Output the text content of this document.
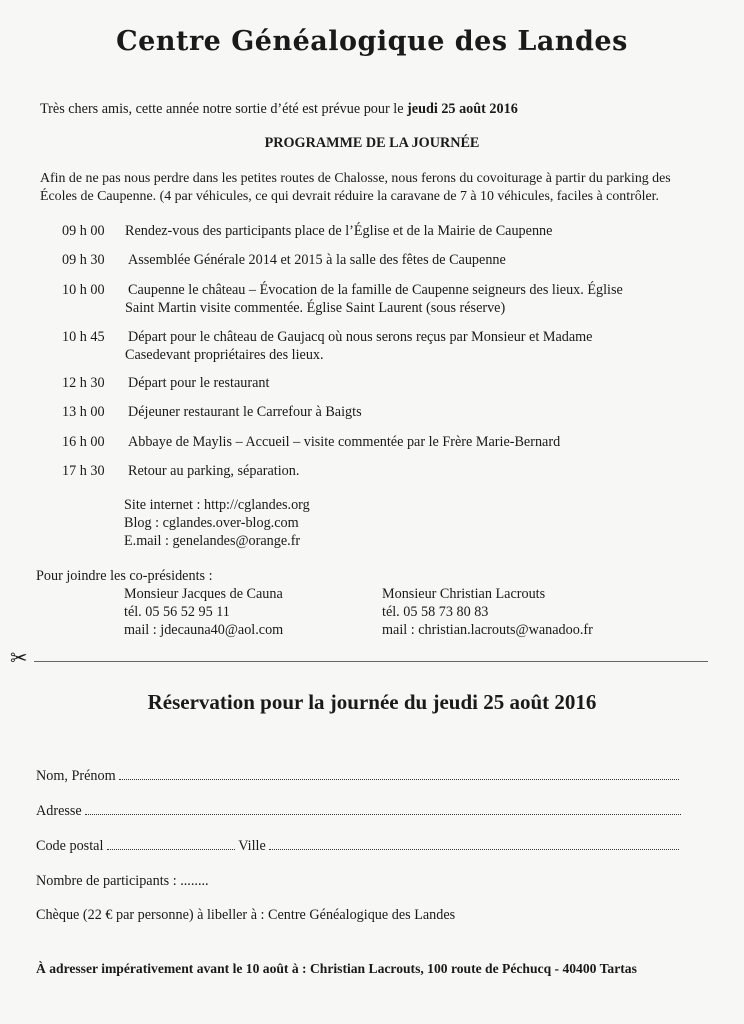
Centre Généalogique des Landes
Très chers amis, cette année notre sortie d’été est prévue pour le jeudi 25 août 2016
PROGRAMME DE LA JOURNÉE
Afin de ne pas nous perdre dans les petites routes de Chalosse, nous ferons du covoiturage à partir du parking des
Écoles de Caupenne. (4 par véhicules, ce qui devrait réduire la caravane de 7 à 10 véhicules, faciles à contrôler.
09 h 00 Rendez-vous des participants place de l’Église et de la Mairie de Caupenne
09 h 30 Assemblée Générale 2014 et 2015 à la salle des fêtes de Caupenne
10 h 00 Caupenne le château – Évocation de la famille de Caupenne seigneurs des lieux. Église
Saint Martin visite commentée. Église Saint Laurent (sous réserve)
10 h 45 Départ pour le château de Gaujacq où nous serons reçus par Monsieur et Madame
Casedevant propriétaires des lieux.
12 h 30 Départ pour le restaurant
13 h 00 Déjeuner restaurant le Carrefour à Baigts
16 h 00 Abbaye de Maylis – Accueil – visite commentée par le Frère Marie-Bernard
17 h 30 Retour au parking, séparation.
Site internet : http://cglandes.org
Blog : cglandes.over-blog.com
E.mail : genelandes@orange.fr
Pour joindre les co-présidents :
Monsieur Jacques de Cauna
tél. 05 56 52 95 11
mail : jdecauna40@aol.com
Monsieur Christian Lacrouts
tél. 05 58 73 80 83
mail : christian.lacrouts@wanadoo.fr
✂
Réservation pour la journée du jeudi 25 août 2016
Nom, Prénom
Adresse
Code postal	Ville
Nombre de participants : ........
Chèque (22 € par personne) à libeller à : Centre Généalogique des Landes
À adresser impérativement avant le 10 août à : Christian Lacrouts, 100 route de Péchucq - 40400 Tartas
